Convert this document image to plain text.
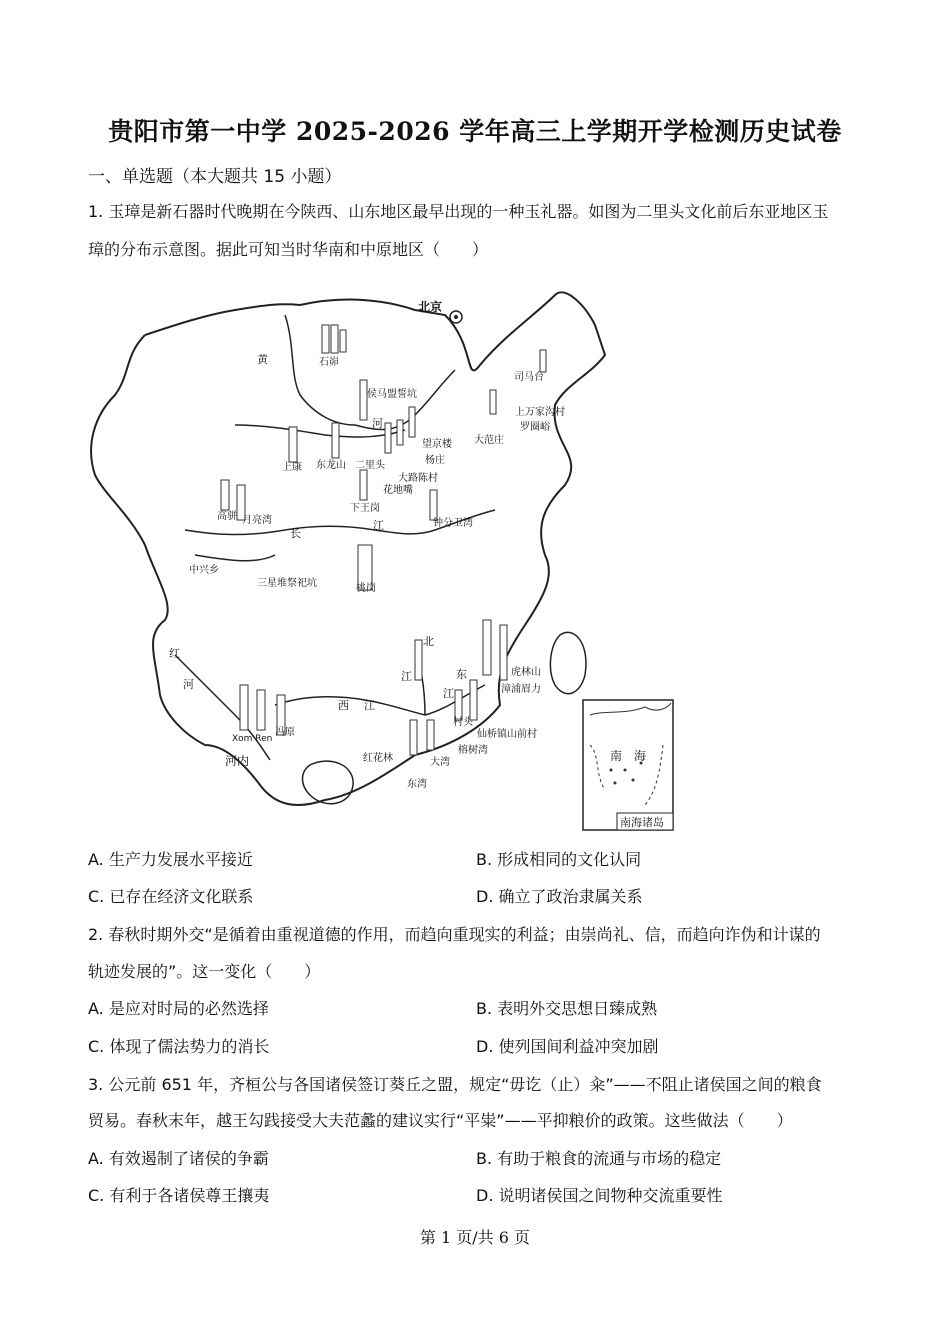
贵阳市第一中学 2025-2026 学年高三上学期开学检测历史试卷
一、单选题（本大题共 15 小题）
1. 玉璋是新石器时代晚期在今陕西、山东地区最早出现的一种玉礼器。如图为二里头文化前后东亚地区玉
璋的分布示意图。据此可知当时华南和中原地区（　　）
北京
石峁
侯马盟誓坑
司马台
上万家沟村
罗圈峪
望京楼 大范庄
杨庄
上康 东龙山 二里头
大路陈村
花地嘴
下王岗
钟分卫湾
高骈 月亮湾
中兴乡
三星堆祭祀坑	桃岗
虎林山
漳浦眉力
村头
仙桥镇山前村
榕树湾
红花林	大湾
东湾
Xom Ren
冯原
河内
黄
河
长
江
红
河
西 江
北
江	东
江
南　海
南海诸岛
A. 生产力发展水平接近	B. 形成相同的文化认同
C. 已存在经济文化联系	D. 确立了政治隶属关系
2. 春秋时期外交“是循着由重视道德的作用，而趋向重现实的利益；由崇尚礼、信，而趋向诈伪和计谋的
轨迹发展的”。这一变化（　　）
A. 是应对时局的必然选择	B. 表明外交思想日臻成熟
C. 体现了儒法势力的消长	D. 使列国间利益冲突加剧
3. 公元前 651 年，齐桓公与各国诸侯签订葵丘之盟，规定“毋讫（止）籴”——不阻止诸侯国之间的粮食
贸易。春秋末年，越王勾践接受大夫范蠡的建议实行“平粜”——平抑粮价的政策。这些做法（　　）
A. 有效遏制了诸侯的争霸	B. 有助于粮食的流通与市场的稳定
C. 有利于各诸侯尊王攘夷	D. 说明诸侯国之间物种交流重要性
第 1 页/共 6 页
